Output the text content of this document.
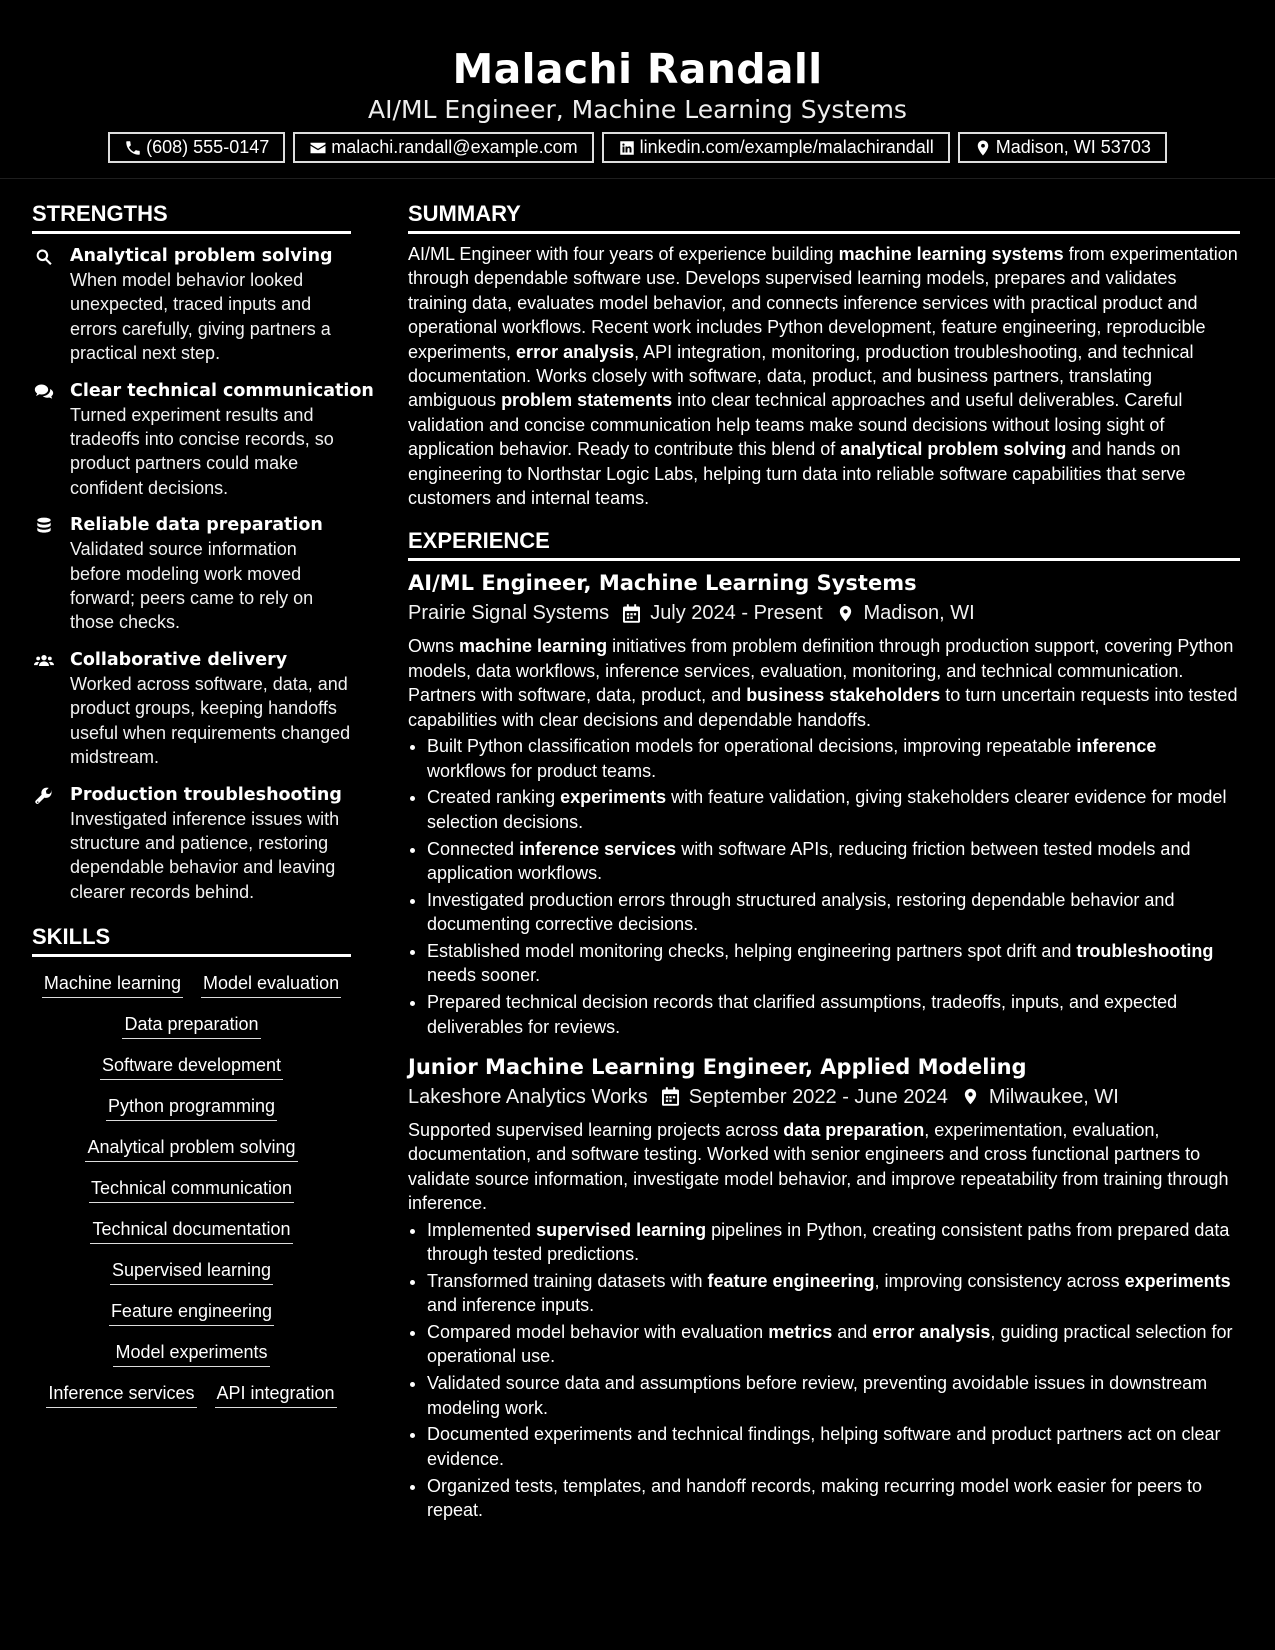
Malachi Randall
AI/ML Engineer, Machine Learning Systems
(608) 555-0147	malachi.randall@example.com	linkedin.com/example/malachirandall	Madison, WI 53703
STRENGTHS
Analytical problem solving
When model behavior looked unexpected, traced inputs and errors carefully, giving partners a practical next step.
Clear technical communication
Turned experiment results and tradeoffs into concise records, so product partners could make confident decisions.
Reliable data preparation
Validated source information before modeling work moved forward; peers came to rely on those checks.
Collaborative delivery
Worked across software, data, and product groups, keeping handoffs useful when requirements changed midstream.
Production troubleshooting
Investigated inference issues with structure and patience, restoring dependable behavior and leaving clearer records behind.
SKILLS
Machine learning Model evaluation
Data preparation
Software development
Python programming
Analytical problem solving
Technical communication
Technical documentation
Supervised learning
Feature engineering
Model experiments
Inference services API integration
SUMMARY

AI/ML Engineer with four years of experience building machine learning systems from experimentation through dependable software use. Develops supervised learning models, prepares and validates training data, evaluates model behavior, and connects inference services with practical product and operational workflows. Recent work includes Python development, feature engineering, reproducible experiments, error analysis, API integration, monitoring, production troubleshooting, and technical documentation. Works closely with software, data, product, and business partners, translating ambiguous problem statements into clear technical approaches and useful deliverables. Careful validation and concise communication help teams make sound decisions without losing sight of application behavior. Ready to contribute this blend of analytical problem solving and hands on engineering to Northstar Logic Labs, helping turn data into reliable software capabilities that serve customers and internal teams.

EXPERIENCE
AI/ML Engineer, Machine Learning Systems
Prairie Signal Systems July 2024 - Present Madison, WI

Owns machine learning initiatives from problem definition through production support, covering Python models, data workflows, inference services, evaluation, monitoring, and technical communication. Partners with software, data, product, and business stakeholders to turn uncertain requests into tested capabilities with clear decisions and dependable handoffs.

• Built Python classification models for operational decisions, improving repeatable inference workflows for product teams.
• Created ranking experiments with feature validation, giving stakeholders clearer evidence for model selection decisions.
• Connected inference services with software APIs, reducing friction between tested models and application workflows.
• Investigated production errors through structured analysis, restoring dependable behavior and documenting corrective decisions.
• Established model monitoring checks, helping engineering partners spot drift and troubleshooting needs sooner.
• Prepared technical decision records that clarified assumptions, tradeoffs, inputs, and expected deliverables for reviews.
Junior Machine Learning Engineer, Applied Modeling
Lakeshore Analytics Works September 2022 - June 2024 Milwaukee, WI

Supported supervised learning projects across data preparation, experimentation, evaluation, documentation, and software testing. Worked with senior engineers and cross functional partners to validate source information, investigate model behavior, and improve repeatability from training through inference.

• Implemented supervised learning pipelines in Python, creating consistent paths from prepared data through tested predictions.
• Transformed training datasets with feature engineering, improving consistency across experiments and inference inputs.
• Compared model behavior with evaluation metrics and error analysis, guiding practical selection for operational use.
• Validated source data and assumptions before review, preventing avoidable issues in downstream modeling work.
• Documented experiments and technical findings, helping software and product partners act on clear evidence.
• Organized tests, templates, and handoff records, making recurring model work easier for peers to repeat.
